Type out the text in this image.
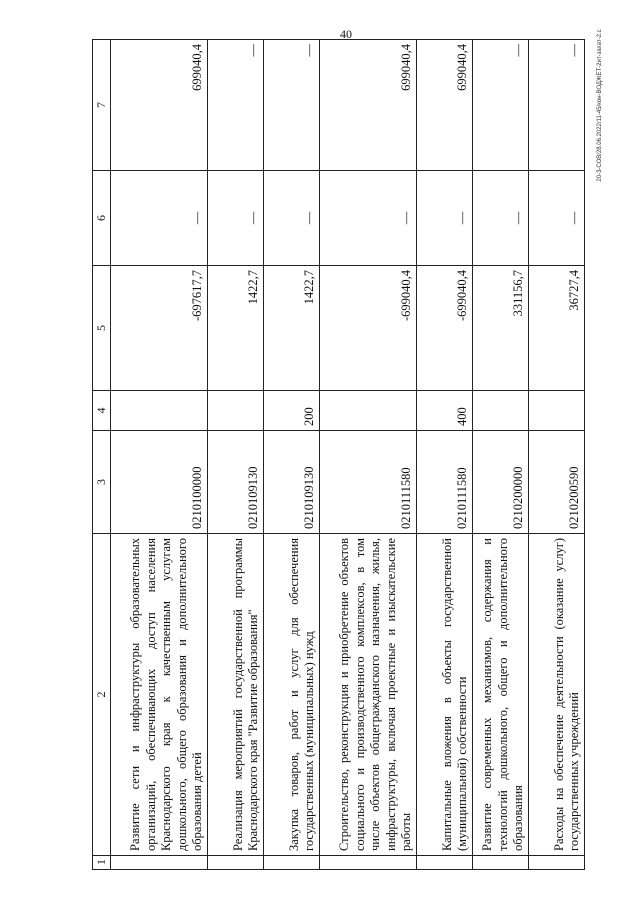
40	20-3-СОВ/28.06.2022/11-45/кон-ВОДЖЕТ-2ит-захат-2.с
1	2	3	4	5	6	7
	Развитие сети и инфраструктуры образовательных организаций, обеспечивающих доступ населения Краснодарского края к качественным услугам дошкольного, общего образования и дополнительного образования детей	0210100000		-697617,7	—	699040,4
	Реализация мероприятий государственной программы Краснодарского края "Развитие образования"	0210109130		1422,7	—	—
	Закупка товаров, работ и услуг для обеспечения государственных (муниципальных) нужд	0210109130	200	1422,7	—	—
	Строительство, реконструкция и приобретение объектов социального и производственного комплексов, в том числе объектов общегражданского назначения, жилья, инфраструктуры, включая проектные и изыскательские работы	0210111580		-699040,4	—	699040,4
	Капитальные вложения в объекты государственной (муниципальной) собственности	0210111580	400	-699040,4	—	699040,4
	Развитие современных механизмов, содержания и технологий дошкольного, общего и дополнительного образования	0210200000		331156,7	—	—
	Расходы на обеспечение деятельности (оказание услуг) государственных учреждений	0210200590		36727,4	—	—
